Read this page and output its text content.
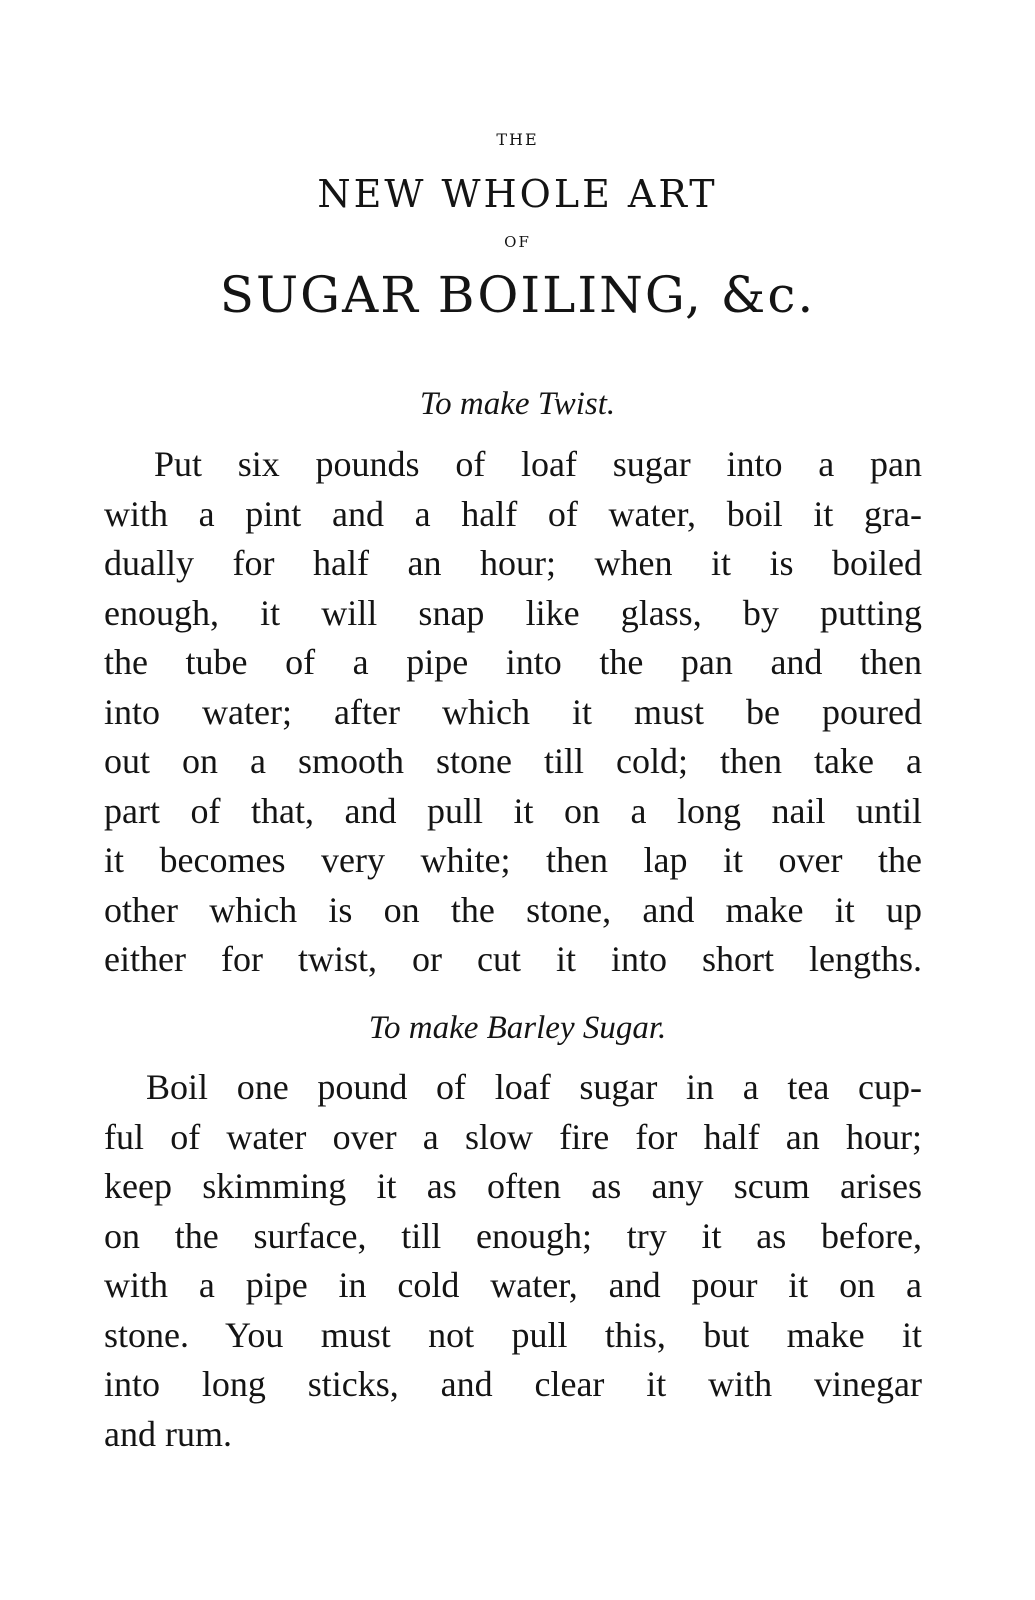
THE
NEW WHOLE ART
OF
SUGAR BOILING, &c.
To make Twist.
Put six pounds of loaf sugar into a pan
with a pint and a half of water, boil it gra-
dually for half an hour; when it is boiled
enough, it will snap like glass, by putting
the tube of a pipe into the pan and then
into water; after which it must be poured
out on a smooth stone till cold; then take a
part of that, and pull it on a long nail until
it becomes very white; then lap it over the
other which is on the stone, and make it up
either for twist, or cut it into short lengths.
To make Barley Sugar.
Boil one pound of loaf sugar in a tea cup-
ful of water over a slow fire for half an hour;
keep skimming it as often as any scum arises
on the surface, till enough; try it as before,
with a pipe in cold water, and pour it on a
stone. You must not pull this, but make it
into long sticks, and clear it with vinegar
and rum.
